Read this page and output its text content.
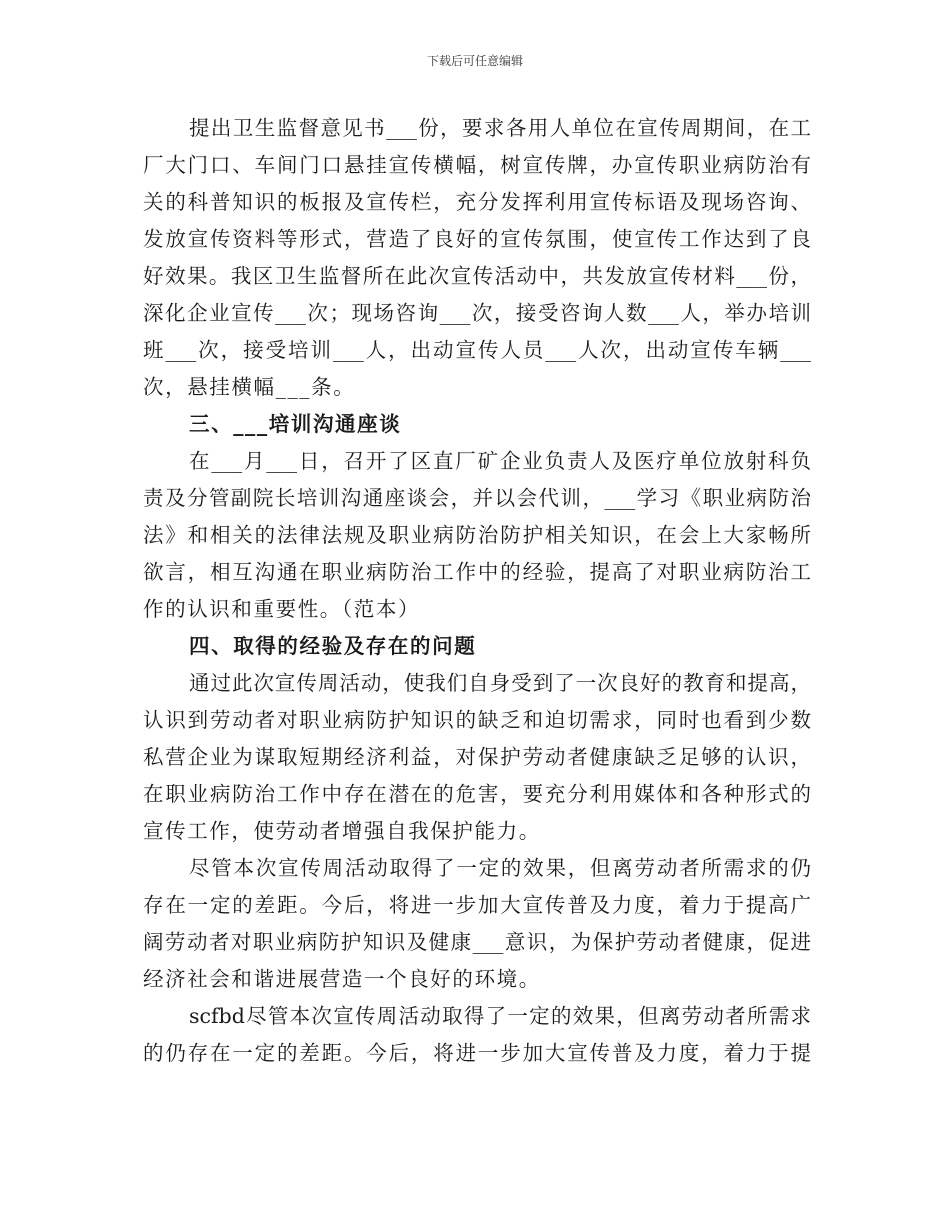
下载后可任意编辑
提出卫生监督意见书___份，要求各用人单位在宣传周期间，在工
厂大门口、车间门口悬挂宣传横幅，树宣传牌，办宣传职业病防治有
关的科普知识的板报及宣传栏，充分发挥利用宣传标语及现场咨询、
发放宣传资料等形式，营造了良好的宣传氛围，使宣传工作达到了良
好效果。我区卫生监督所在此次宣传活动中，共发放宣传材料___份，
深化企业宣传___次；现场咨询___次，接受咨询人数___人，举办培训
班___次，接受培训___人，出动宣传人员___人次，出动宣传车辆___
次，悬挂横幅___条。
三、___培训沟通座谈
在___月___日，召开了区直厂矿企业负责人及医疗单位放射科负
责及分管副院长培训沟通座谈会，并以会代训，___学习《职业病防治
法》和相关的法律法规及职业病防治防护相关知识，在会上大家畅所
欲言，相互沟通在职业病防治工作中的经验，提高了对职业病防治工
作的认识和重要性。（范本）
四、取得的经验及存在的问题
通过此次宣传周活动，使我们自身受到了一次良好的教育和提高，
认识到劳动者对职业病防护知识的缺乏和迫切需求，同时也看到少数
私营企业为谋取短期经济利益，对保护劳动者健康缺乏足够的认识，
在职业病防治工作中存在潜在的危害，要充分利用媒体和各种形式的
宣传工作，使劳动者增强自我保护能力。
尽管本次宣传周活动取得了一定的效果，但离劳动者所需求的仍
存在一定的差距。今后，将进一步加大宣传普及力度，着力于提高广
阔劳动者对职业病防护知识及健康___意识，为保护劳动者健康，促进
经济社会和谐进展营造一个良好的环境。
scfbd尽管本次宣传周活动取得了一定的效果，但离劳动者所需求
的仍存在一定的差距。今后，将进一步加大宣传普及力度，着力于提
